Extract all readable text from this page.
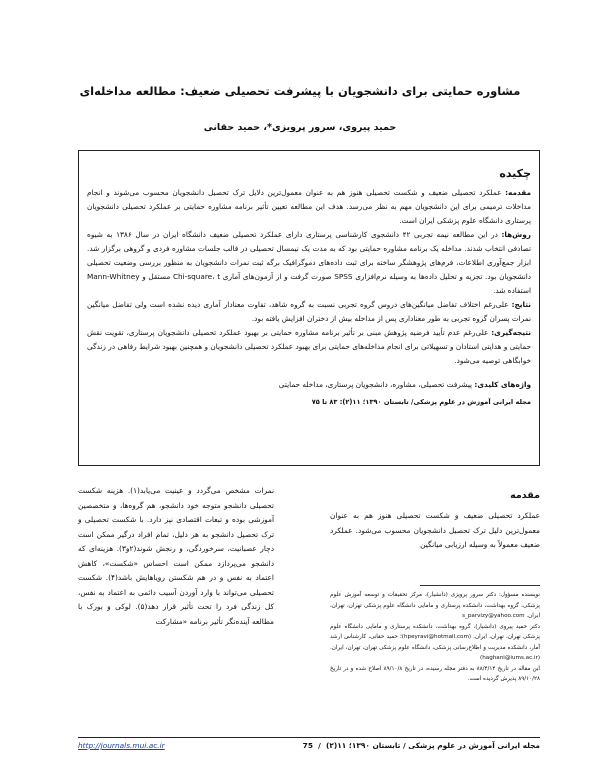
مشاوره حمایتی برای دانشجویان با پیشرفت تحصیلی ضعیف: مطالعه مداخله‌ای
حمید پیروی، سرور پرویزی*، حمید حقانی
چکیده

مقدمه: عملکرد تحصیلی ضعیف و شکست تحصیلی هنوز هم به عنوان معمول‌ترین دلایل ترک تحصیل دانشجویان محسوب می‌شوند و انجام مداخلات ترمیمی برای این دانشجویان مهم به نظر می‌رسد. هدف این مطالعه تعیین تأثیر برنامه مشاوره حمایتی بر عملکرد تحصیلی دانشجویان پرستاری دانشگاه علوم پزشکی ایران است.

روش‌ها: در این مطالعه نیمه تجربی ۴۲ دانشجوی کارشناسی پرستاری دارای عملکرد تحصیلی ضعیف دانشگاه ایران در سال ۱۳۸۶ به شیوه تصادفی انتخاب شدند. مداخله یک برنامه مشاوره حمایتی بود که به مدت یک نیمسال تحصیلی در قالب جلسات مشاوره فردی و گروهی برگزار شد. ابزار جمع‌آوری اطلاعات، فرم‌های پژوهشگر ساخته برای ثبت داده‌های دموگرافیک برگه ثبت نمرات دانشجویان به منظور بررسی وضعیت تحصیلی دانشجویان بود. تجزیه و تحلیل داده‌ها به وسیله نرم‌افزاری SPSS صورت گرفت و از آزمون‌های آماری Chi-square، t مستقل و Mann-Whitney استفاده شد.

نتایج: علی‌رغم اختلاف تفاضل میانگین‌های دروس گروه تجربی نسبت به گروه شاهد، تفاوت معنادار آماری دیده نشده است ولی تفاضل میانگین نمرات پسران گروه تجربی به طور معناداری پس از مداخله بیش از دختران افزایش یافته بود.

نتیجه‌گیری: علی‌رغم عدم تأیید فرضیه پژوهش مبنی بر تأثیر برنامه مشاوره حمایتی بر بهبود عملکرد تحصیلی دانشجویان پرستاری، تقویت نقش حمایتی و هدایتی استادان و تسهیلاتی برای انجام مداخله‌های حمایتی برای بهبود عملکرد تحصیلی دانشجویان و همچنین بهبود شرایط رفاهی در زندگی خوابگاهی توصیه می‌شود.

واژه‌های کلیدی: پیشرفت تحصیلی، مشاوره، دانشجویان پرستاری، مداخله حمایتی
مجله ایرانی آموزش در علوم پزشکی/ تابستان ۱۳۹۰؛ ۱۱(۲): ۸۳ تا ۷۵
مقدمه

عملکرد تحصیلی ضعیف و شکست تحصیلی هنوز هم به عنوان معمول‌ترین دلیل ترک تحصیل دانشجویان محسوب می‌شود. عملکرد ضعیف معمولاً به وسیله ارزیابی میانگین

نمرات مشخص می‌گردد و عینیت می‌یابد(۱). هزینه شکست تحصیلی دانشجو متوجه خود دانشجو، هم گروه‌ها، و متخصصین آموزشی بوده و تبعات اقتصادی نیز دارد. با شکست تحصیلی و ترک تحصیل دانشجو به هر دلیل، تمام افراد درگیر ممکن است دچار عصبانیت، سرخوردگی، و رنجش شوند(۲و۳). هزینه‌ای که دانشجو می‌پردازد ممکن است احساس «شکست»، کاهش اعتماد به نفس و در هم شکستن رویاهایش باشد(۴). شکست تحصیلی می‌تواند با وارد آوردن آسیب دائمی به اعتماد به نفس، کل زندگی فرد را تحت تأثیر قرار دهد(۵). لوکی و بورک با مطالعه آینده‌نگر تأثیر برنامه «مشارکت

نویسنده مسؤول: دکتر سرور پرویزی (دانشیار)، مرکز تحقیقات و توسعه آموزش علوم پزشکی، گروه بهداشت، دانشکده پرستاری و مامایی دانشگاه علوم پزشکی تهران، تهران، ایران. s_parvizy@yahoo.com
دکتر حمید پیروی (دانشیار)، گروه بهداشت، دانشکده پرستاری و مامایی دانشگاه علوم پزشکی تهران، تهران، ایران. (hpeyravi@hotmail.com)؛ حمید حقانی، کارشناس ارشد آمار، دانشکده مدیریت و اطلاع‌رسانی پزشکی، دانشگاه علوم پزشکی تهران، تهران، ایران. (haghani@iums.ac.ir)
این مقاله در تاریخ ۸۸/۴/۱۴ به دفتر مجله رسیده، در تاریخ ۸۹/۱۰/۸ اصلاح شده و در تاریخ ۸۹/۱۰/۲۸ پذیرش گردیده است.
http://journals.mui.ac.ir	مجله ایرانی آموزش در علوم پزشکی / تابستان ۱۳۹۰؛ ۱۱(۲)  /  75
